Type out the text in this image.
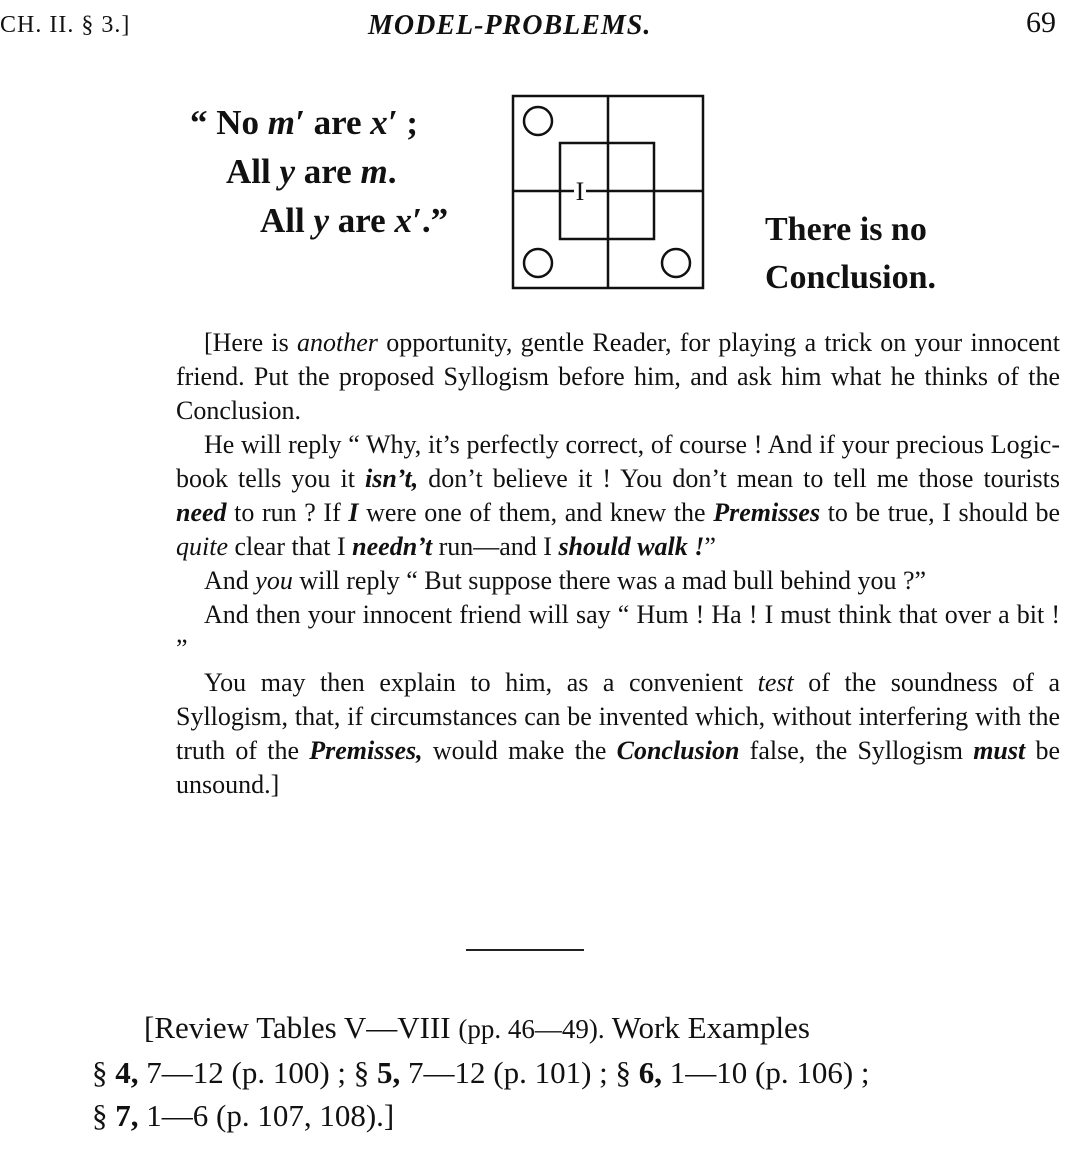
CH. II. § 3.]	MODEL-PROBLEMS.	69
“ No m′ are x′ ;
All y are m.
All y are x′.”
I
There is no
Conclusion.

[Here is another opportunity, gentle Reader, for playing a trick on your innocent friend. Put the proposed Syllogism before him, and ask him what he thinks of the Conclusion.

He will reply “ Why, it’s perfectly correct, of course ! And if your precious Logic-book tells you it isn’t, don’t believe it ! You don’t mean to tell me those tourists need to run ? If I were one of them, and knew the Premisses to be true, I should be quite clear that I needn’t run—and I should walk !”

And you will reply “ But suppose there was a mad bull behind you ?”

And then your innocent friend will say “ Hum ! Ha ! I must think that over a bit ! ”

You may then explain to him, as a convenient test of the soundness of a Syllogism, that, if circumstances can be invented which, without interfering with the truth of the Premisses, would make the Conclusion false, the Syllogism must be unsound.]

[Review Tables V—VIII (pp. 46—49). Work Examples

§ 4, 7—12 (p. 100) ; § 5, 7—12 (p. 101) ; § 6, 1—10 (p. 106) ;

§ 7, 1—6 (p. 107, 108).]
